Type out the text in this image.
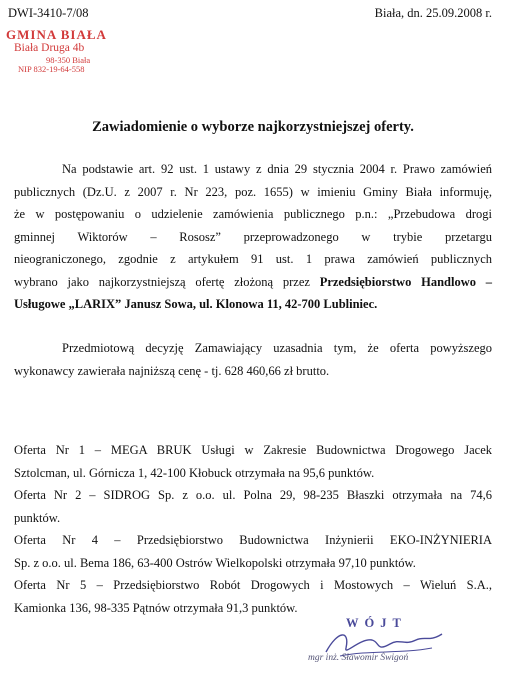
DWI-3410-7/08	Biała, dn. 25.09.2008 r.
GMINA BIAŁA
Biała Druga 4b
98-350 Biała
NIP 832-19-64-558
Zawiadomienie o wyborze najkorzystniejszej oferty.
Na podstawie art. 92 ust. 1 ustawy z dnia 29 stycznia 2004 r. Prawo zamówień
publicznych (Dz.U. z 2007 r. Nr 223, poz. 1655) w imieniu Gminy Biała informuję,
że w postępowaniu o udzielenie zamówienia publicznego p.n.: „Przebudowa drogi
gminnej Wiktorów – Rososz” przeprowadzonego w trybie przetargu
nieograniczonego, zgodnie z artykułem 91 ust. 1 prawa zamówień publicznych
wybrano jako najkorzystniejszą ofertę złożoną przez Przedsiębiorstwo Handlowo –
Usługowe „LARIX” Janusz Sowa, ul. Klonowa 11, 42-700 Lubliniec.
Przedmiotową decyzję Zamawiający uzasadnia tym, że oferta powyższego
wykonawcy zawierała najniższą cenę - tj. 628 460,66 zł brutto.
Oferta Nr 1 – MEGA BRUK Usługi w Zakresie Budownictwa Drogowego Jacek
Sztolcman, ul. Górnicza 1, 42-100 Kłobuck otrzymała na 95,6 punktów.
Oferta Nr 2 – SIDROG Sp. z o.o. ul. Polna 29, 98-235 Błaszki otrzymała na 74,6
punktów.
Oferta Nr 4 – Przedsiębiorstwo Budownictwa Inżynierii EKO-INŻYNIERIA
Sp. z o.o. ul. Bema 186, 63-400 Ostrów Wielkopolski otrzymała 97,10 punktów.
Oferta Nr 5 – Przedsiębiorstwo Robót Drogowych i Mostowych – Wieluń S.A.,
Kamionka 136, 98-335 Pątnów otrzymała 91,3 punktów.
WÓJT
mgr inż. Sławomir Świgoń
